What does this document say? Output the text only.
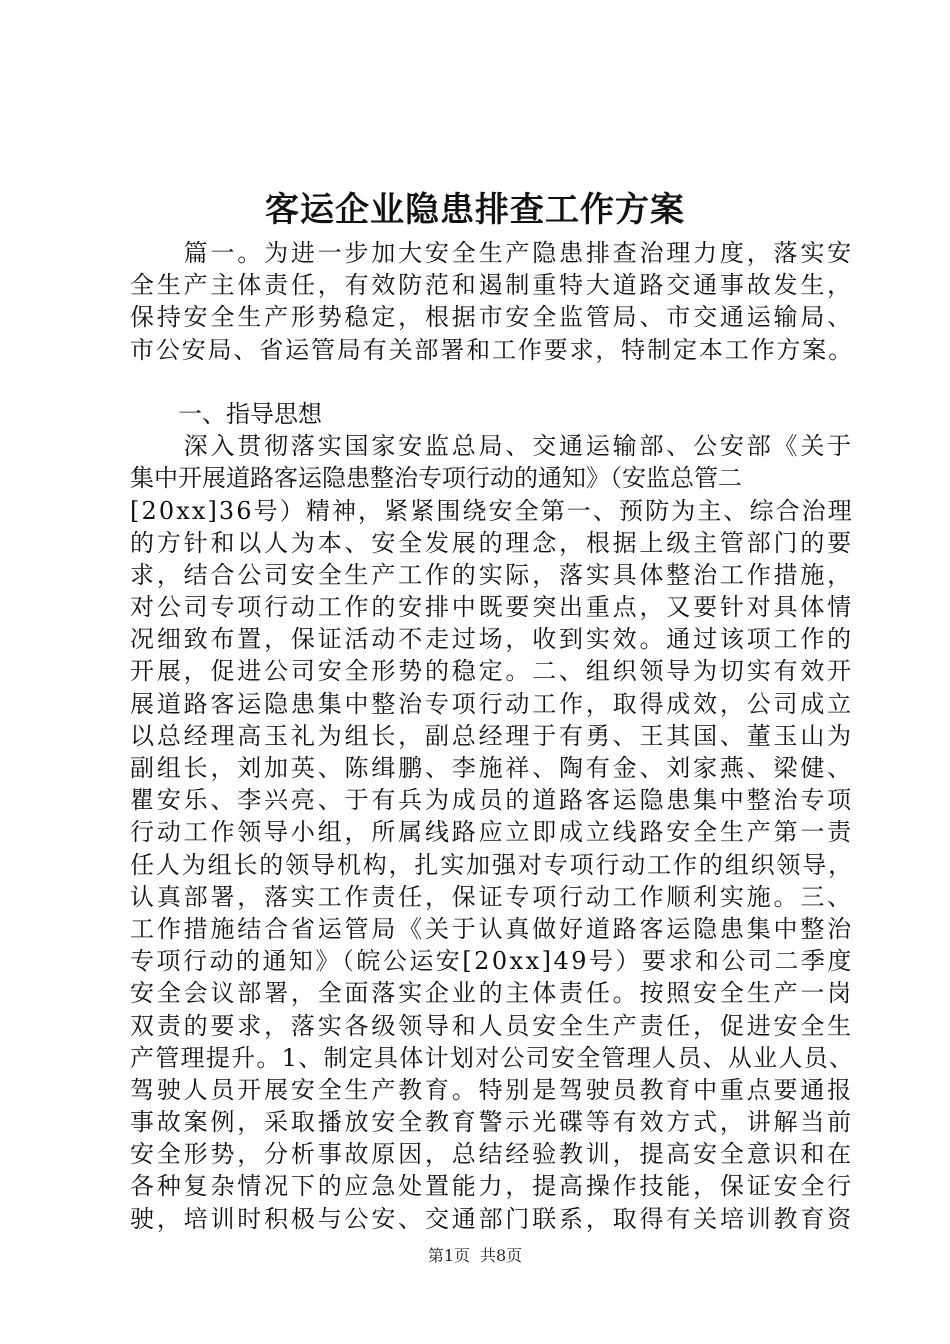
客运企业隐患排查工作方案
　　篇一。为进一步加大安全生产隐患排查治理力度，落实安
全生产主体责任，有效防范和遏制重特大道路交通事故发生，
保持安全生产形势稳定，根据市安全监管局、市交通运输局、
市公安局、省运管局有关部署和工作要求，特制定本工作方案。
　　一、指导思想
　　深入贯彻落实国家安监总局、交通运输部、公安部《关于
集中开展道路客运隐患整治专项行动的通知》（安监总管二
[20xx]36号）精神，紧紧围绕安全第一、预防为主、综合治理
的方针和以人为本、安全发展的理念，根据上级主管部门的要
求，结合公司安全生产工作的实际，落实具体整治工作措施，
对公司专项行动工作的安排中既要突出重点，又要针对具体情
况细致布置，保证活动不走过场，收到实效。通过该项工作的
开展，促进公司安全形势的稳定。二、组织领导为切实有效开
展道路客运隐患集中整治专项行动工作，取得成效，公司成立
以总经理高玉礼为组长，副总经理于有勇、王其国、董玉山为
副组长，刘加英、陈缉鹏、李施祥、陶有金、刘家燕、梁健、
瞿安乐、李兴亮、于有兵为成员的道路客运隐患集中整治专项
行动工作领导小组，所属线路应立即成立线路安全生产第一责
任人为组长的领导机构，扎实加强对专项行动工作的组织领导，
认真部署，落实工作责任，保证专项行动工作顺利实施。三、
工作措施结合省运管局《关于认真做好道路客运隐患集中整治
专项行动的通知》（皖公运安[20xx]49号）要求和公司二季度
安全会议部署，全面落实企业的主体责任。按照安全生产一岗
双责的要求，落实各级领导和人员安全生产责任，促进安全生
产管理提升。1、制定具体计划对公司安全管理人员、从业人员、
驾驶人员开展安全生产教育。特别是驾驶员教育中重点要通报
事故案例，采取播放安全教育警示光碟等有效方式，讲解当前
安全形势，分析事故原因，总结经验教训，提高安全意识和在
各种复杂情况下的应急处置能力，提高操作技能，保证安全行
驶，培训时积极与公安、交通部门联系，取得有关培训教育资
第1页 共8页
